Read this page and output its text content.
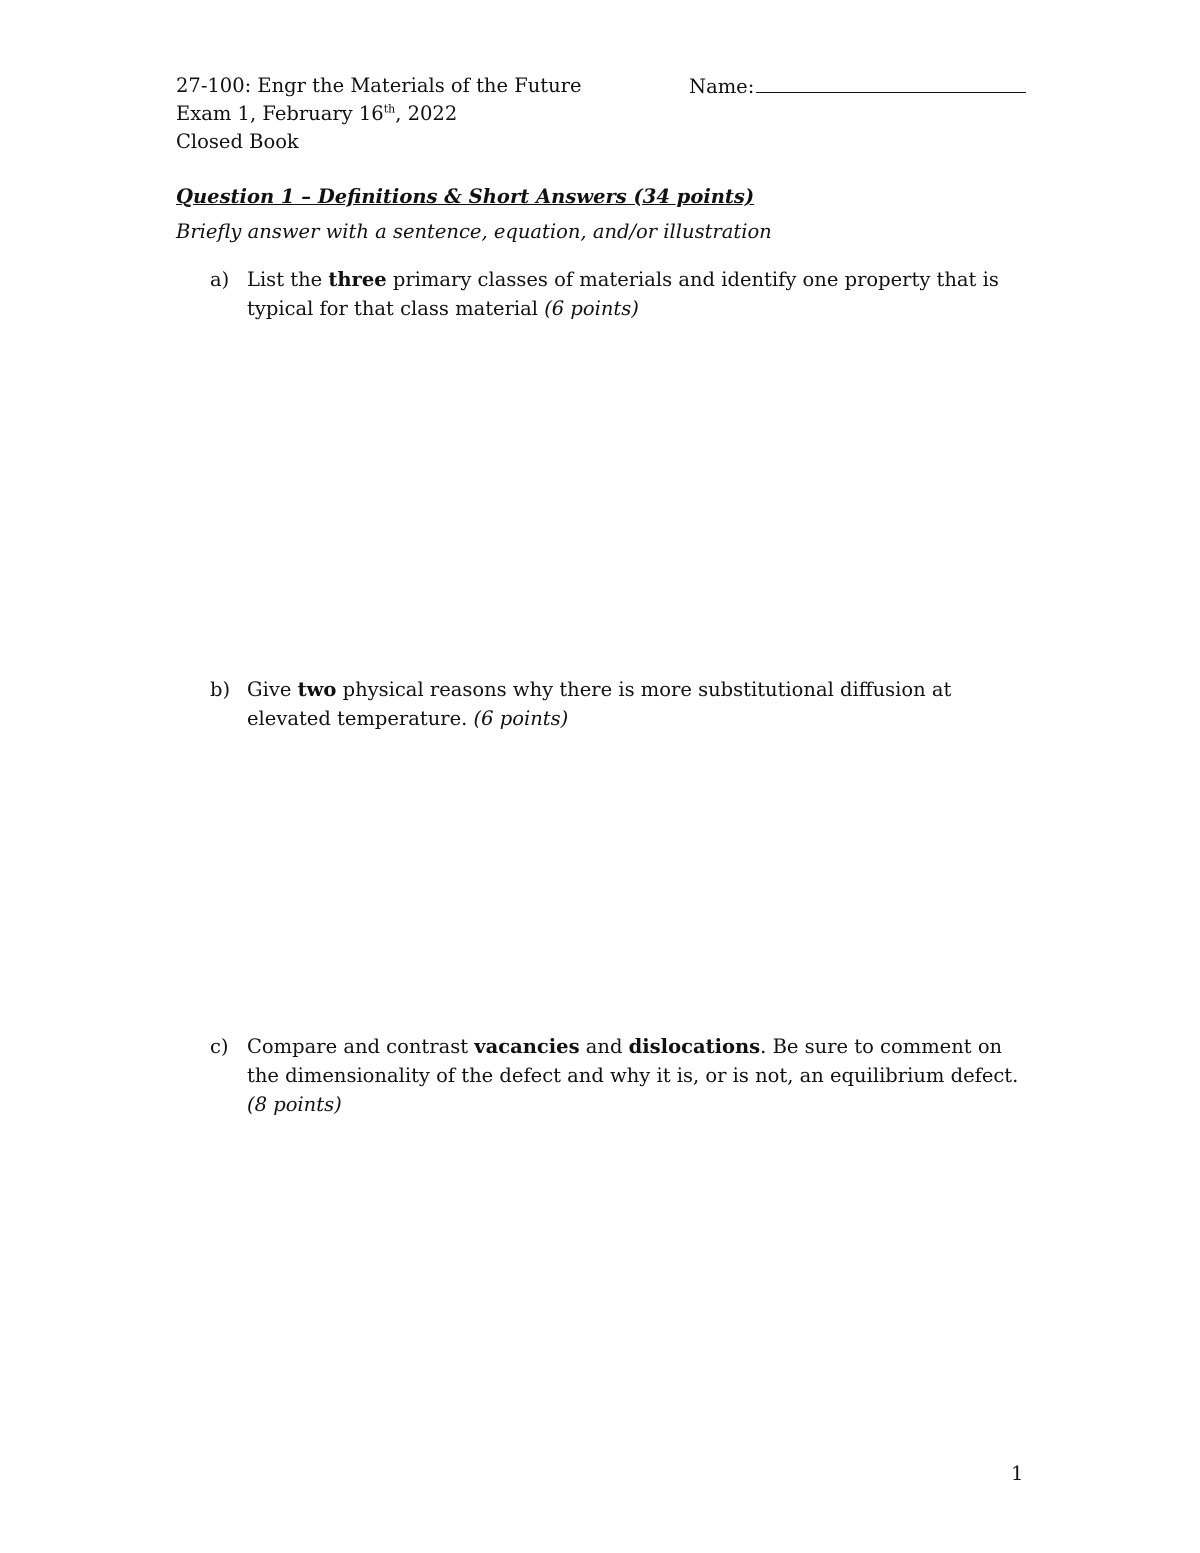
27-100: Engr the Materials of the Future
Exam 1, February 16th, 2022
Closed Book
Name:
Question 1 – Definitions & Short Answers (34 points)
Briefly answer with a sentence, equation, and/or illustration
a) List the three primary classes of materials and identify one property that is typical for that class material (6 points)
b) Give two physical reasons why there is more substitutional diffusion at elevated temperature. (6 points)
c) Compare and contrast vacancies and dislocations. Be sure to comment on the dimensionality of the defect and why it is, or is not, an equilibrium defect. (8 points)
1
